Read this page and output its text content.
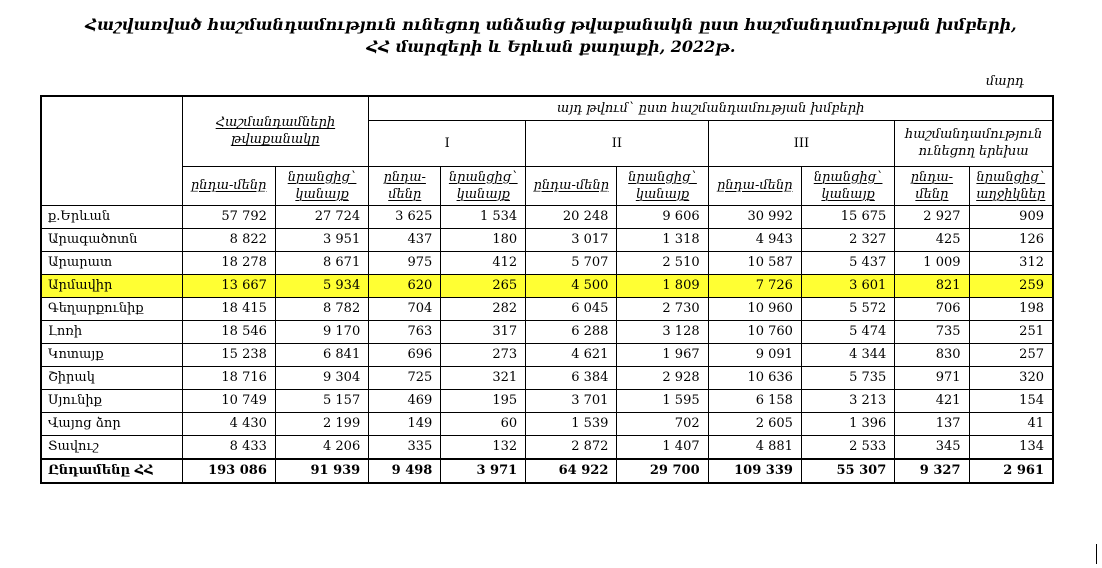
Հաշվառված հաշմանդամություն ունեցող անձանց թվաքանակն ըստ հաշմանդամության խմբերի,
ՀՀ մարզերի և Երևան քաղաքի, 2022թ.
մարդ
	Հաշմանդամների թվաքանակը		այդ թվում` ըստ հաշմանդամության խմբերի							
			I		II		III		հաշմանդամություն ունեցող երեխա	
	ընդա-մենը	նրանցից` կանայք	ընդա-մենը	նրանցից` կանայք	ընդա-մենը	նրանցից` կանայք	ընդա-մենը	նրանցից` կանայք	ընդա-մենը	նրանցից` աղջիկներ
ք.Երևան	57 792	27 724	3 625	1 534	20 248	9 606	30 992	15 675	2 927	909
Արագածոտն	8 822	3 951	437	180	3 017	1 318	4 943	2 327	425	126
Արարատ	18 278	8 671	975	412	5 707	2 510	10 587	5 437	1 009	312
Արմավիր	13 667	5 934	620	265	4 500	1 809	7 726	3 601	821	259
Գեղարքունիք	18 415	8 782	704	282	6 045	2 730	10 960	5 572	706	198
Լոռի	18 546	9 170	763	317	6 288	3 128	10 760	5 474	735	251
Կոտայք	15 238	6 841	696	273	4 621	1 967	9 091	4 344	830	257
Շիրակ	18 716	9 304	725	321	6 384	2 928	10 636	5 735	971	320
Սյունիք	10 749	5 157	469	195	3 701	1 595	6 158	3 213	421	154
Վայոց ձոր	4 430	2 199	149	60	1 539	702	2 605	1 396	137	41
Տավուշ	8 433	4 206	335	132	2 872	1 407	4 881	2 533	345	134
Ընդամենը ՀՀ	193 086	91 939	9 498	3 971	64 922	29 700	109 339	55 307	9 327	2 961
